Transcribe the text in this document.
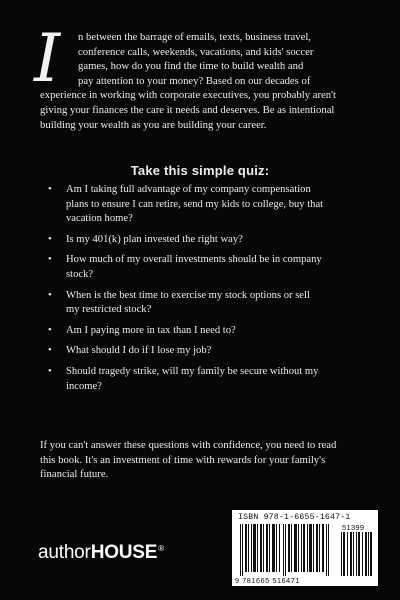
I	n between the barrage of emails, texts, business travel,
conference calls, weekends, vacations, and kids' soccer
games, how do you find the time to build wealth and
pay attention to your money? Based on our decades of
experience in working with corporate executives, you probably aren't
giving your finances the care it needs and deserves. Be as intentional
building your wealth as you are building your career.
Take this simple quiz:
• Am I taking full advantage of my company compensation
plans to ensure I can retire, send my kids to college, buy that
vacation home?
• Is my 401(k) plan invested the right way?
• How much of my overall investments should be in company
stock?
• When is the best time to exercise my stock options or sell
my restricted stock?
• Am I paying more in tax than I need to?
• What should I do if I lose my job?
• Should tragedy strike, will my family be secure without my
income?
If you can't answer these questions with confidence, you need to read
this book. It's an investment of time with rewards for your family's
financial future.
authorHOUSE®
ISBN 978-1-6655-1647-1
51399
9 781665 516471
